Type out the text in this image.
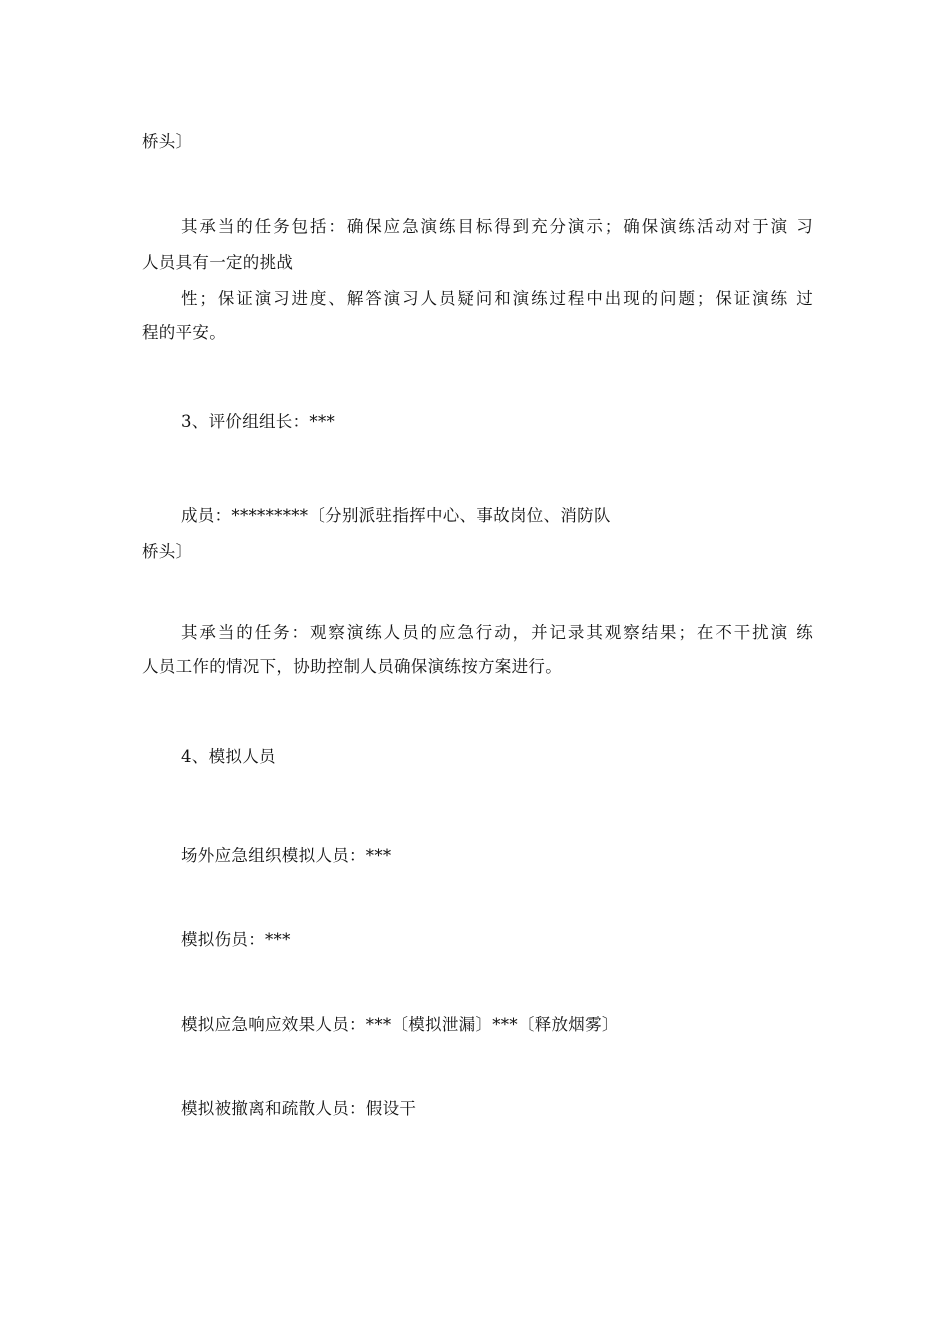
桥头〕
其承当的任务包括：确保应急演练目标得到充分演示；确保演练活动对于演 习
人员具有一定的挑战
性；保证演习进度、解答演习人员疑问和演练过程中出现的问题；保证演练 过
程的平安。
3、评价组组长：***
成员：*********〔分别派驻指挥中心、事故岗位、消防队
桥头〕
其承当的任务：观察演练人员的应急行动，并记录其观察结果；在不干扰演 练
人员工作的情况下，协助控制人员确保演练按方案进行。
4、模拟人员
场外应急组织模拟人员：***
模拟伤员：***
模拟应急响应效果人员：***〔模拟泄漏〕***〔释放烟雾〕
模拟被撤离和疏散人员：假设干
